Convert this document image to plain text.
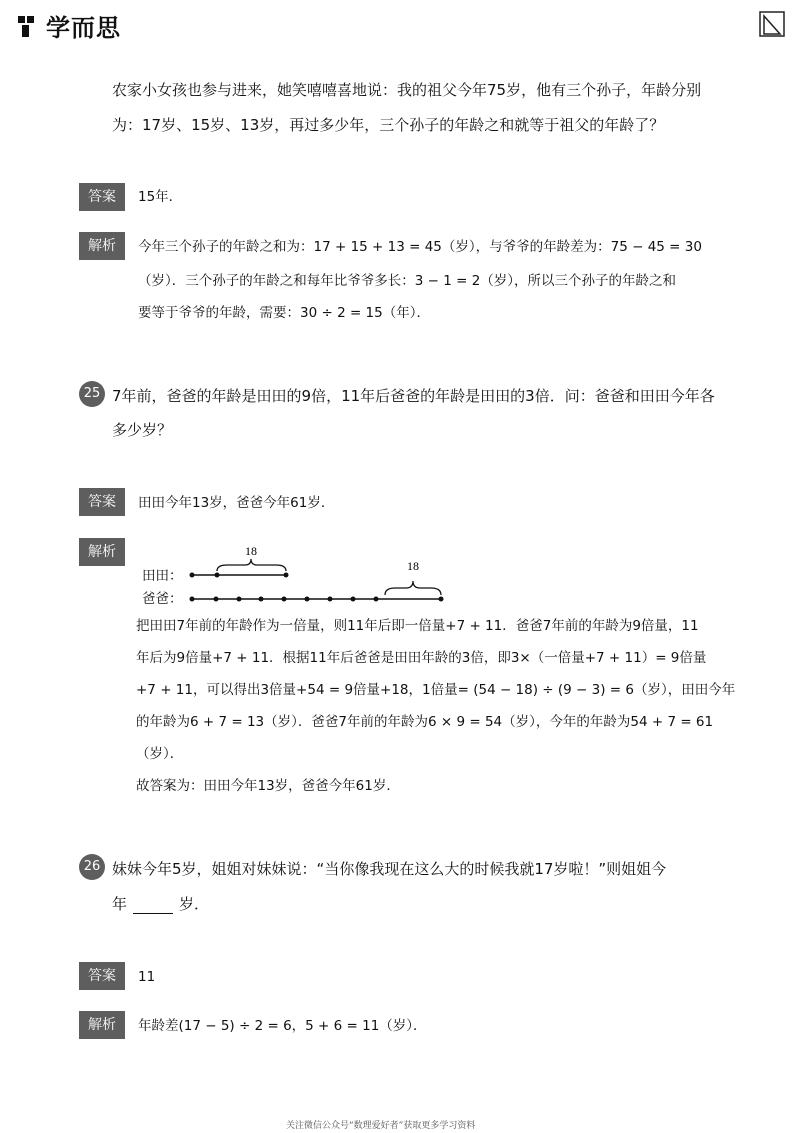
学而思
农家小女孩也参与进来，她笑嘻嘻喜地说：我的祖父今年75岁，他有三个孙子，年龄分别
为：17岁、15岁、13岁，再过多少年，三个孙子的年龄之和就等于祖父的年龄了？
答案	15年．
解析	今年三个孙子的年龄之和为：17 + 15 + 13 = 45（岁），与爷爷的年龄差为：75 − 45 = 30
（岁）．三个孙子的年龄之和每年比爷爷多长：3 − 1 = 2（岁），所以三个孙子的年龄之和
要等于爷爷的年龄，需要：30 ÷ 2 = 15（年）．
25 7年前，爸爸的年龄是田田的9倍，11年后爸爸的年龄是田田的3倍．问：爸爸和田田今年各
多少岁？
答案	田田今年13岁，爸爸今年61岁．
解析
田田：
爸爸：
18
18
把田田7年前的年龄作为一倍量，则11年后即一倍量+7 + 11．爸爸7年前的年龄为9倍量，11
年后为9倍量+7 + 11．根据11年后爸爸是田田年龄的3倍，即3×（一倍量+7 + 11）= 9倍量
+7 + 11，可以得出3倍量+54 = 9倍量+18，1倍量= (54 − 18) ÷ (9 − 3) = 6（岁），田田今年
的年龄为6 + 7 = 13（岁）．爸爸7年前的年龄为6 × 9 = 54（岁），今年的年龄为54 + 7 = 61
（岁）．
故答案为：田田今年13岁，爸爸今年61岁．
26 妹妹今年5岁，姐姐对妹妹说：“当你像我现在这么大的时候我就17岁啦！”则姐姐今
年	岁．
答案	11
解析	年龄差(17 − 5) ÷ 2 = 6，5 + 6 = 11（岁）．
关注微信公众号“数理爱好者”获取更多学习资料
